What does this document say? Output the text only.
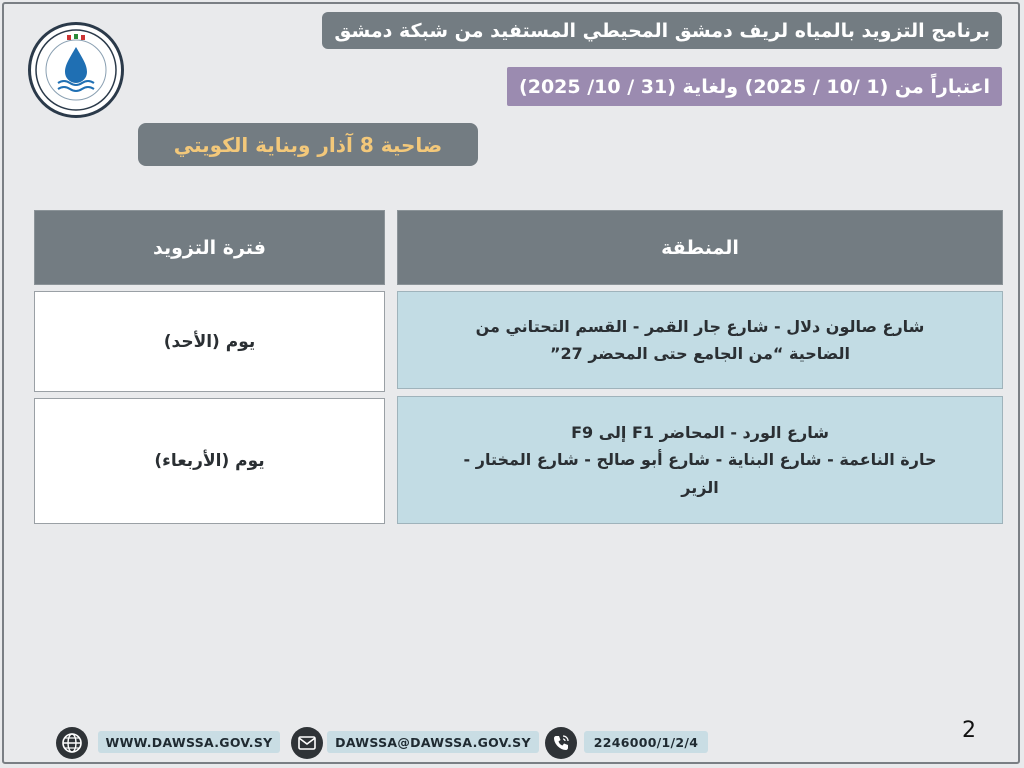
برنامج التزويد بالمياه لريف دمشق المحيطي المستفيد من شبكة دمشق
اعتباراً من (1 /10 / 2025) ولغاية (31 / 10/ 2025)
ضاحية 8 آذار وبناية الكويتي
المنطقة
فترة التزويد
شارع صالون دلال - شارع جار القمر - القسم التحتاني من
الضاحية “من الجامع حتى المحضر 27”
يوم (الأحد)
شارع الورد - المحاضر F1 إلى F9
حارة الناعمة - شارع البناية - شارع أبو صالح - شارع المختار -
الزير
يوم (الأربعاء)
2
WWW.DAWSSA.GOV.SY	DAWSSA@DAWSSA.GOV.SY	2246000/1/2/4
